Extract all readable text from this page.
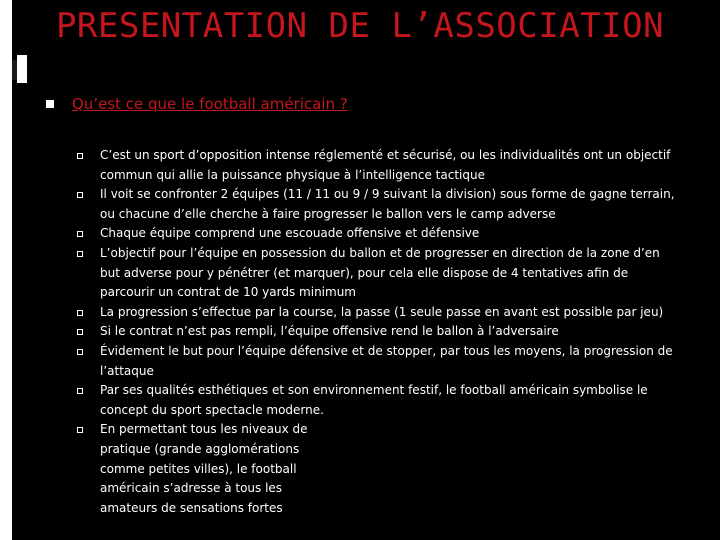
PRESENTATION DE L’ASSOCIATION
Qu’est ce que le football américain ?
C’est un sport d’opposition intense réglementé et sécurisé, ou les individualités ont un objectif commun qui allie la puissance physique à l’intelligence tactique
Il voit se confronter 2 équipes (11 / 11 ou 9 / 9 suivant la division) sous forme de gagne terrain, ou chacune d’elle cherche à faire progresser le ballon vers le camp adverse
Chaque équipe comprend une escouade offensive et défensive
L’objectif pour l’équipe en possession du ballon et de progresser en direction de la zone d’en but adverse pour y pénétrer (et marquer), pour cela elle dispose de 4 tentatives afin de parcourir un contrat de 10 yards minimum
La progression s’effectue par la course, la passe (1 seule passe en avant est possible par jeu)
Si le contrat n’est pas rempli, l’équipe offensive rend le ballon à l’adversaire
Évidement le but pour l’équipe défensive et de stopper, par tous les moyens, la progression de l’attaque
Par ses qualités esthétiques et son environnement festif, le football américain symbolise le concept du sport spectacle moderne.
En permettant tous les niveaux de pratique (grande agglomérations comme petites villes), le football américain s’adresse à tous les amateurs de sensations fortes
